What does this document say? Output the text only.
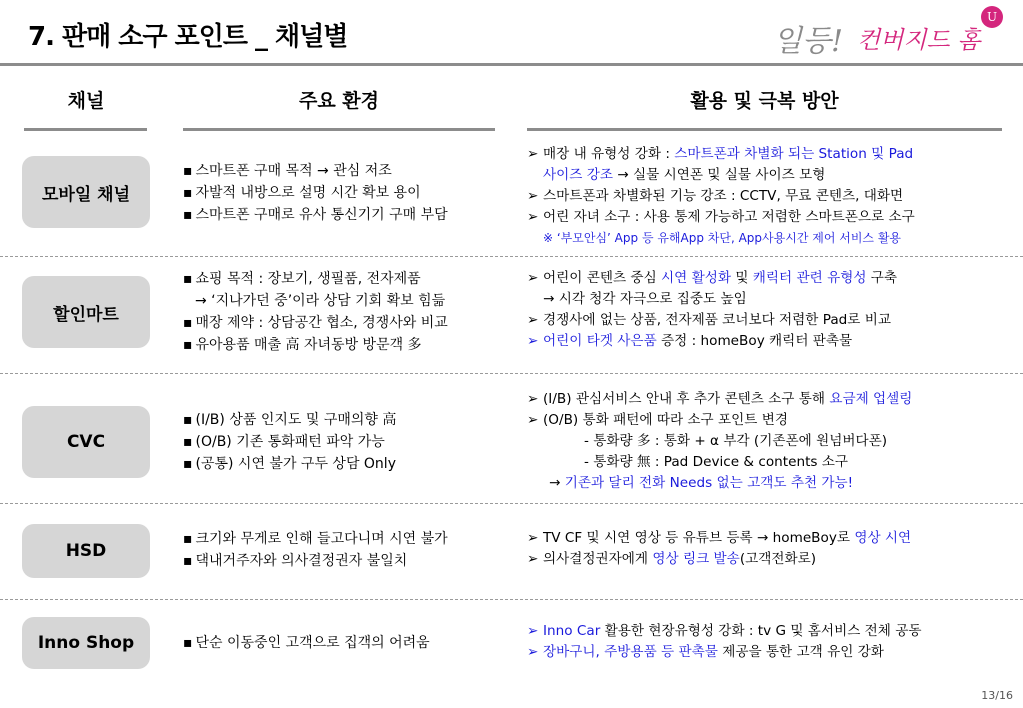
7. 판매 소구 포인트 _ 채널별	일등! 컨버지드 홈
U
채널	주요 환경	활용 및 극복 방안
모바일 채널
▪ 스마트폰 구매 목적 → 관심 저조
▪ 자발적 내방으로 설명 시간 확보 용이
▪ 스마트폰 구매로 유사 통신기기 구매 부담
➢ 매장 내 유형성 강화 : 스마트폰과 차별화 되는 Station 및 Pad
사이즈 강조 → 실물 시연폰 및 실물 사이즈 모형
➢ 스마트폰과 차별화된 기능 강조 : CCTV, 무료 콘텐츠, 대화면
➢ 어린 자녀 소구 : 사용 통제 가능하고 저렴한 스마트폰으로 소구
※ ‘부모안심’ App 등 유해App 차단, App사용시간 제어 서비스 활용
할인마트
▪ 쇼핑 목적 : 장보기, 생필품, 전자제품
→ ‘지나가던 중’이라 상담 기회 확보 힘듦
▪ 매장 제약 : 상담공간 협소, 경쟁사와 비교
▪ 유아용품 매출 高 자녀동방 방문객 多
➢ 어린이 콘텐츠 중심 시연 활성화 및 캐릭터 관련 유형성 구축
→ 시각 청각 자극으로 집중도 높임
➢ 경쟁사에 없는 상품, 전자제품 코너보다 저렴한 Pad로 비교
➢ 어린이 타겟 사은품 증정 : homeBoy 캐릭터 판촉물
CVC
▪ (I/B) 상품 인지도 및 구매의향 高
▪ (O/B) 기존 통화패턴 파악 가능
▪ (공통) 시연 불가 구두 상담 Only
➢ (I/B) 관심서비스 안내 후 추가 콘텐츠 소구 통해 요금제 업셀링
➢ (O/B) 통화 패턴에 따라 소구 포인트 변경
- 통화량 多 : 통화 + α 부각 (기존폰에 원넘버다폰)
- 통화량 無 : Pad Device & contents 소구
→ 기존과 달리 전화 Needs 없는 고객도 추천 가능!
HSD
▪ 크기와 무게로 인해 들고다니며 시연 불가
▪ 댁내거주자와 의사결정권자 불일치
➢ TV CF 및 시연 영상 등 유튜브 등록 → homeBoy로 영상 시연
➢ 의사결정권자에게 영상 링크 발송(고객전화로)
Inno Shop
▪	단순 이동중인 고객으로 집객의 어려움
➢ Inno Car 활용한 현장유형성 강화 : tv G 및 홈서비스 전체 공동
➢ 장바구니, 주방용품 등 판촉물 제공을 통한 고객 유인 강화
13/16
